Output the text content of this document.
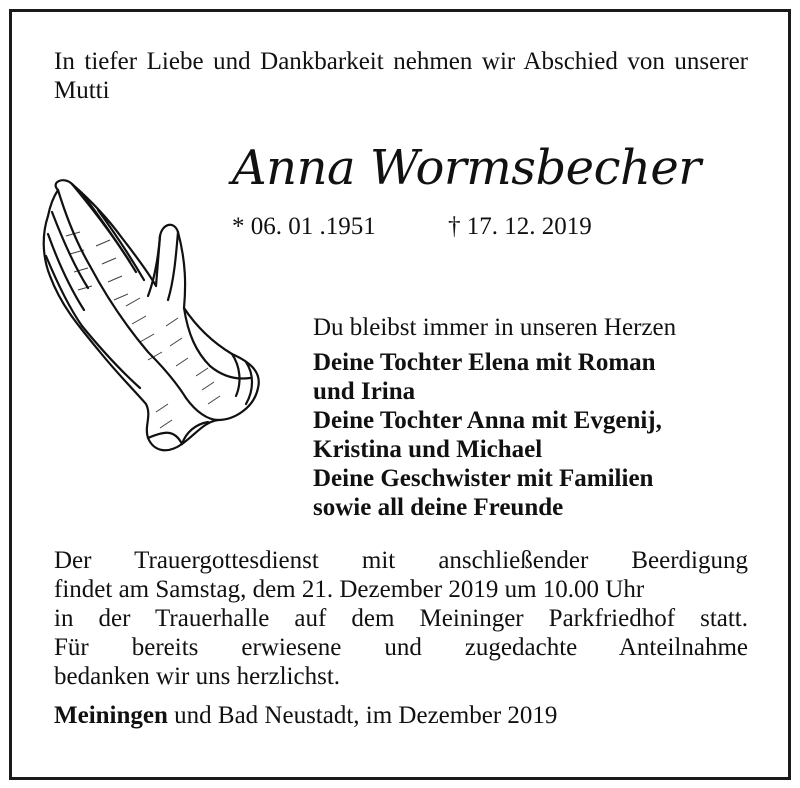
In tiefer Liebe und Dankbarkeit nehmen wir Abschied von unserer Mutti
Anna Wormsbecher
* 06. 01 .1951	† 17. 12. 2019
Du bleibst immer in unseren Herzen
Deine Tochter Elena mit Roman
und Irina
Deine Tochter Anna mit Evgenij,
Kristina und Michael
Deine Geschwister mit Familien
sowie all deine Freunde
Der Trauergottesdienst mit anschließender Beerdigung
findet am Samstag, dem 21. Dezember 2019 um 10.00 Uhr
in der Trauerhalle auf dem Meininger Parkfriedhof statt.
Für bereits erwiesene und zugedachte Anteilnahme
bedanken wir uns herzlichst.
Meiningen und Bad Neustadt, im Dezember 2019
